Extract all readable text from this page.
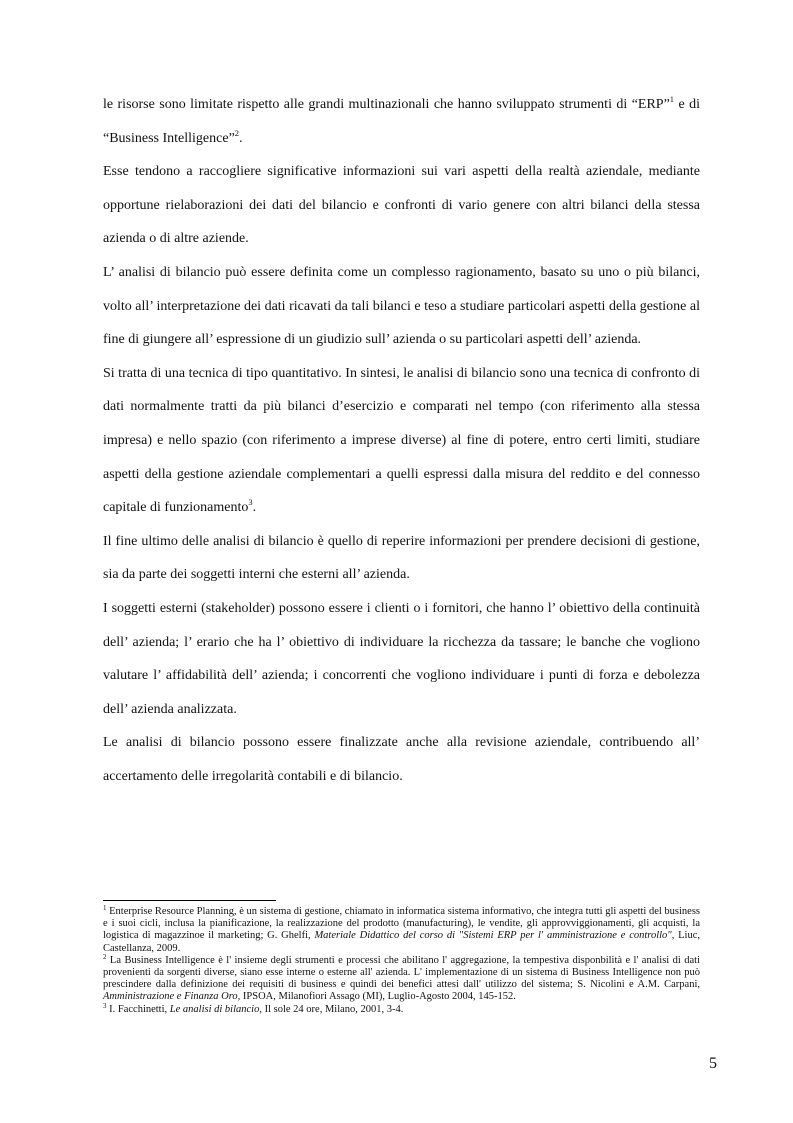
le risorse sono limitate rispetto alle grandi multinazionali che hanno sviluppato strumenti di “ERP”$^1$ e di “Business Intelligence”$^2$.

Esse tendono a raccogliere significative informazioni sui vari aspetti della realtà aziendale, mediante opportune rielaborazioni dei dati del bilancio e confronti di vario genere con altri bilanci della stessa azienda o di altre aziende.

L’ analisi di bilancio può essere definita come un complesso ragionamento, basato su uno o più bilanci, volto all’ interpretazione dei dati ricavati da tali bilanci e teso a studiare particolari aspetti della gestione al fine di giungere all’ espressione di un giudizio sull’ azienda o su particolari aspetti dell’ azienda.

Si tratta di una tecnica di tipo quantitativo. In sintesi, le analisi di bilancio sono una tecnica di confronto di dati normalmente tratti da più bilanci d’esercizio e comparati nel tempo (con riferimento alla stessa impresa) e nello spazio (con riferimento a imprese diverse) al fine di potere, entro certi limiti, studiare aspetti della gestione aziendale complementari a quelli espressi dalla misura del reddito e del connesso capitale di funzionamento$^3$.

Il fine ultimo delle analisi di bilancio è quello di reperire informazioni per prendere decisioni di gestione, sia da parte dei soggetti interni che esterni all’ azienda.

I soggetti esterni (stakeholder) possono essere i clienti o i fornitori, che hanno l’ obiettivo della continuità dell’ azienda; l’ erario che ha l’ obiettivo di individuare la ricchezza da tassare; le banche che vogliono valutare l’ affidabilità dell’ azienda; i concorrenti che vogliono individuare i punti di forza e debolezza dell’ azienda analizzata.

Le analisi di bilancio possono essere finalizzate anche alla revisione aziendale, contribuendo all’ accertamento delle irregolarità contabili e di bilancio.

$^1$ Enterprise Resource Planning, è un sistema di gestione, chiamato in informatica sistema informativo, che integra tutti gli aspetti del business e i suoi cicli, inclusa la pianificazione, la realizzazione del prodotto (manufacturing), le vendite, gli approvviggionamenti, gli acquisti, la logistica di magazzinoe il marketing; G. Ghelfi, Materiale Didattico del corso di "Sistemi ERP per l' amministrazione e controllo", Liuc, Castellanza, 2009.

$^2$ La Business Intelligence è l' insieme degli strumenti e processi che abilitano l' aggregazione, la tempestiva disponbilità e l' analisi di dati provenienti da sorgenti diverse, siano esse interne o esterne all' azienda. L' implementazione di un sistema di Business Intelligence non può prescindere dalla definizione dei requisiti di business e quindi dei benefici attesi dall' utilizzo del sistema; S. Nicolini e A.M. Carpani, Amministrazione e Finanza Oro, IPSOA, Milanofiori Assago (MI), Luglio-Agosto 2004, 145-152.

$^3$ I. Facchinetti, Le analisi di bilancio, Il sole 24 ore, Milano, 2001, 3-4.

5
